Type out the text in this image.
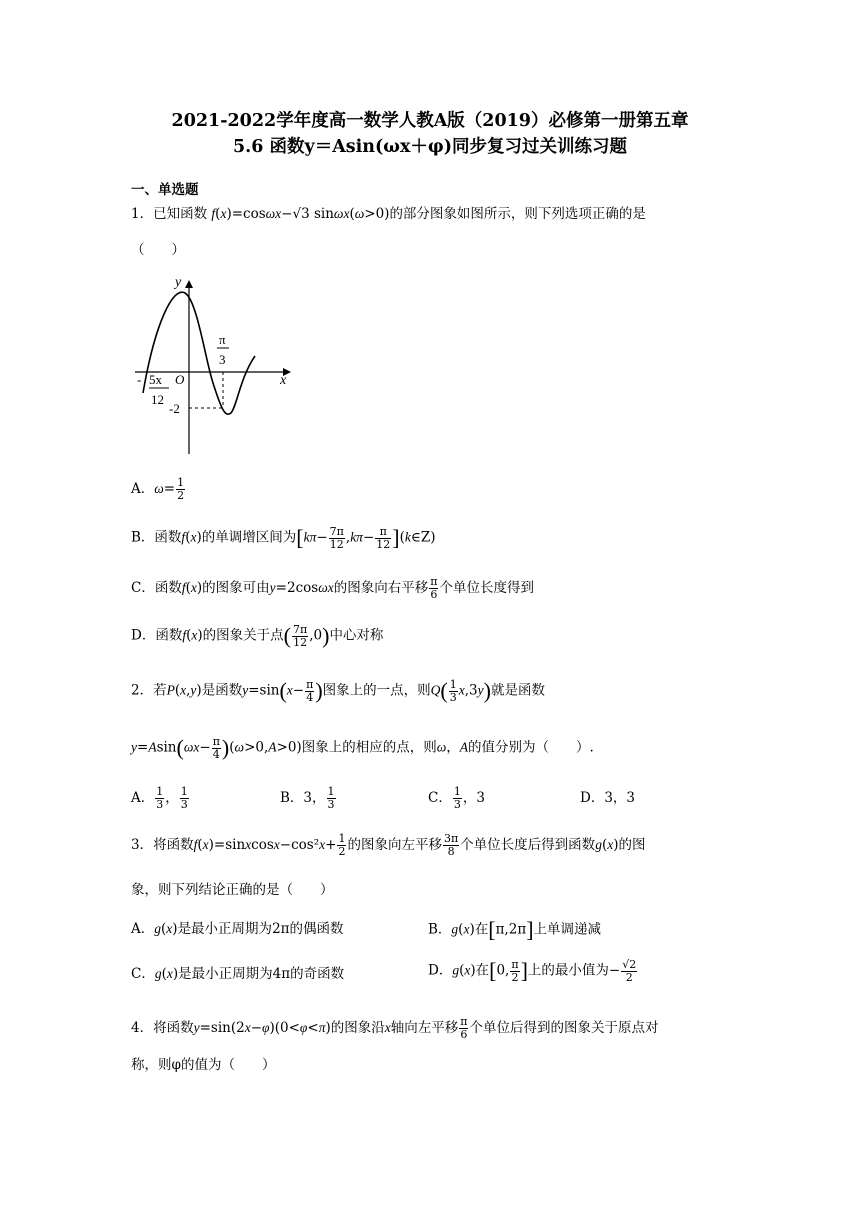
2021-2022学年度高一数学人教A版（2019）必修第一册第五章
5.6 函数y＝Asin(ωx＋φ)同步复习过关训练习题
一、单选题
1．已知函数 f(x)=cosωx−√3 sinωx(ω>0)的部分图象如图所示，则下列选项正确的是
（　　）
y
x
O
π
3
- 5x
12
-2
A．$\omega= \frac{1}{2}$
B．函数f(x)的单调增区间为[$k\pi- \frac{7\pi}{12} ,k\pi- \frac{\pi}{12}$ ](k∈Z)
C．函数f(x)的图象可由y=2cosωx的图象向右平移 $\frac{\pi}{6}$ 个单位长度得到
D．函数f(x)的图象关于点( $\frac{7\pi}{12} ,0$)中心对称
2．若P(x,y)是函数$y=\sin(x- \frac{\pi}{4}$ )图象上的一点，则$Q( \frac{1}{3} x,3y)$就是函数
$y=Asin(\omega x- \frac{\pi}{4} )(\omega>0,A>0)$图象上的相应的点，则ω，A的值分别为（　　）.
A． $\frac{1}{3}$ ， $\frac{1}{3}$	B．3， $\frac{1}{3}$	C． $\frac{1}{3}$ ，3	D．3，3
3．将函数f(x)=sinxcosx−cos²x+ $\frac{1}{2}$ 的图象向左平移 $\frac{3\pi}{8}$ 个单位长度后得到函数g(x)的图
象，则下列结论正确的是（　　）
A．g(x)是最小正周期为2π的偶函数	B．g(x)在[π,2π]上单调递减
C．g(x)是最小正周期为4π的奇函数	D．g(x)在[0, $\frac{\pi}{2}$ ]上的最小值为− $\frac{√2}{2}$
4．将函数y=sin(2x−φ)(0<φ<π)的图象沿x轴向左平移 $\frac{\pi}{6}$ 个单位后得到的图象关于原点对
称，则φ的值为（　　）
